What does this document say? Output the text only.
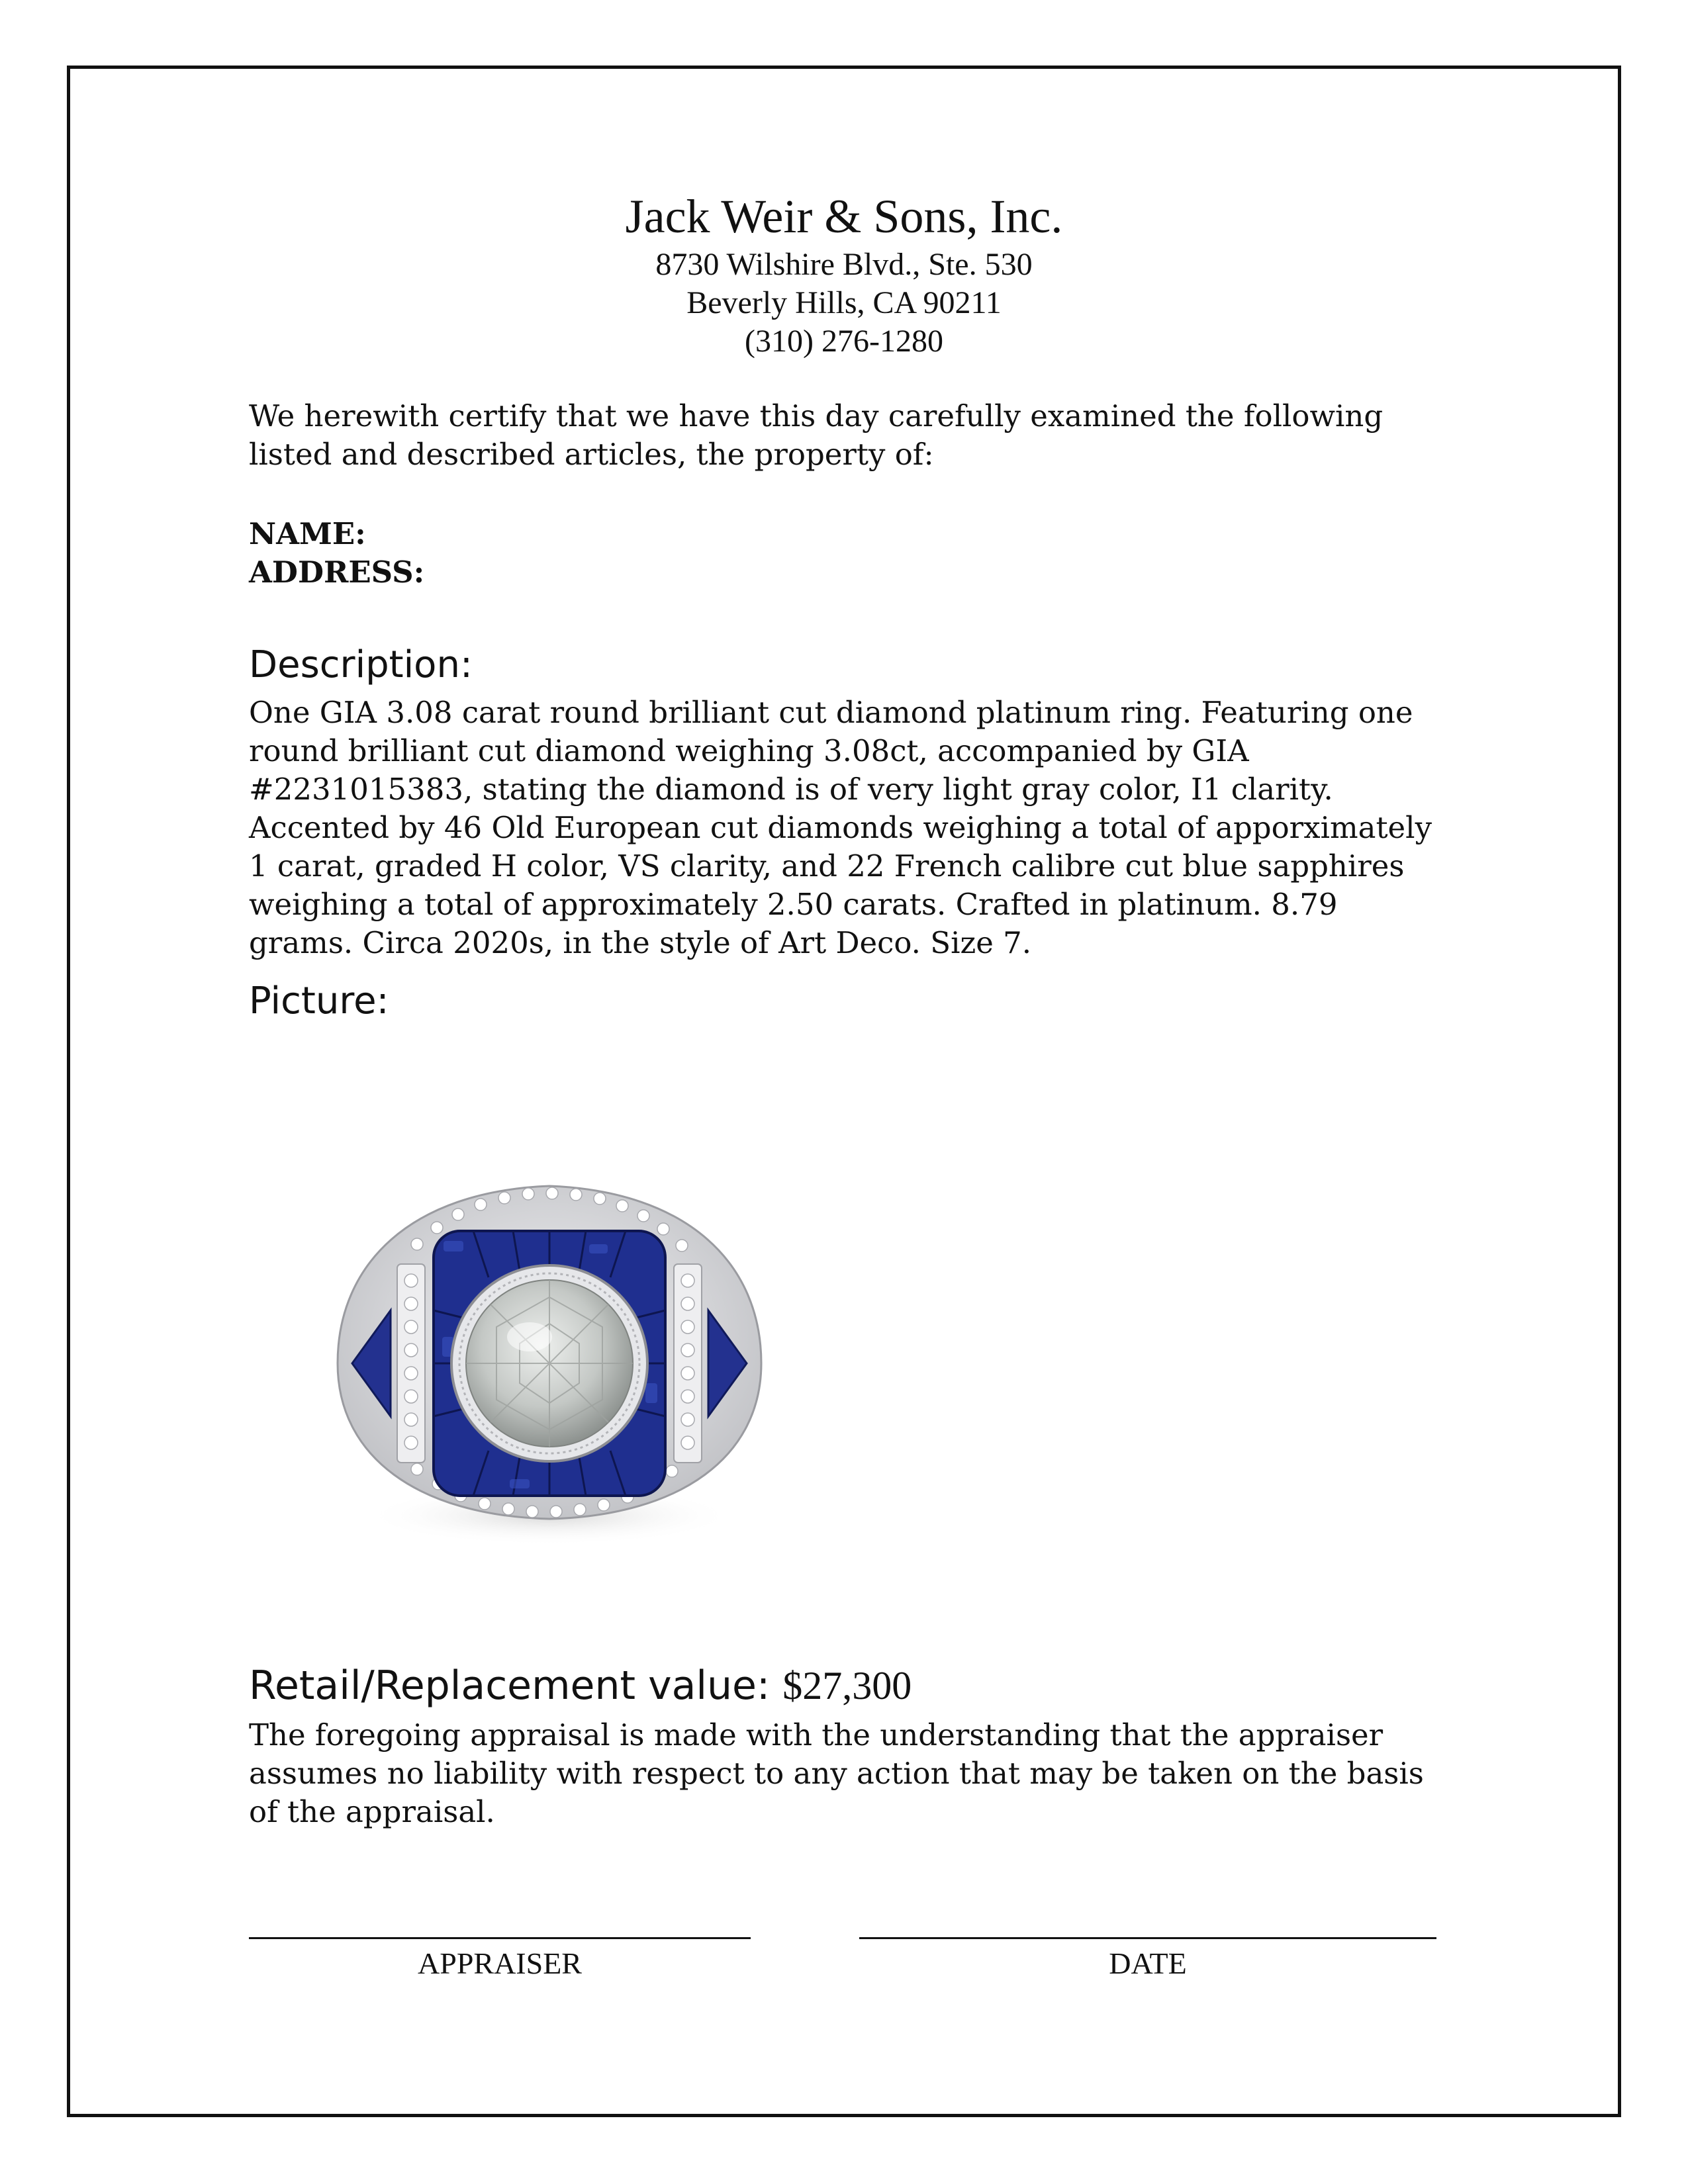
Jack Weir & Sons, Inc.
8730 Wilshire Blvd., Ste. 530
Beverly Hills, CA 90211
(310) 276-1280
We herewith certify that we have this day carefully examined the following listed and described articles, the property of:
NAME:
ADDRESS:
Description:
One GIA 3.08 carat round brilliant cut diamond platinum ring. Featuring one round brilliant cut diamond weighing 3.08ct, accompanied by GIA #2231015383, stating the diamond is of very light gray color, I1 clarity. Accented by 46 Old European cut diamonds weighing a total of apporximately 1 carat, graded H color, VS clarity, and 22 French calibre cut blue sapphires weighing a total of approximately 2.50 carats. Crafted in platinum. 8.79 grams. Circa 2020s, in the style of Art Deco. Size 7.
Picture:
Retail/Replacement value: $27,300
The foregoing appraisal is made with the understanding that the appraiser assumes no liability with respect to any action that may be taken on the basis of the appraisal.
APPRAISER	DATE
